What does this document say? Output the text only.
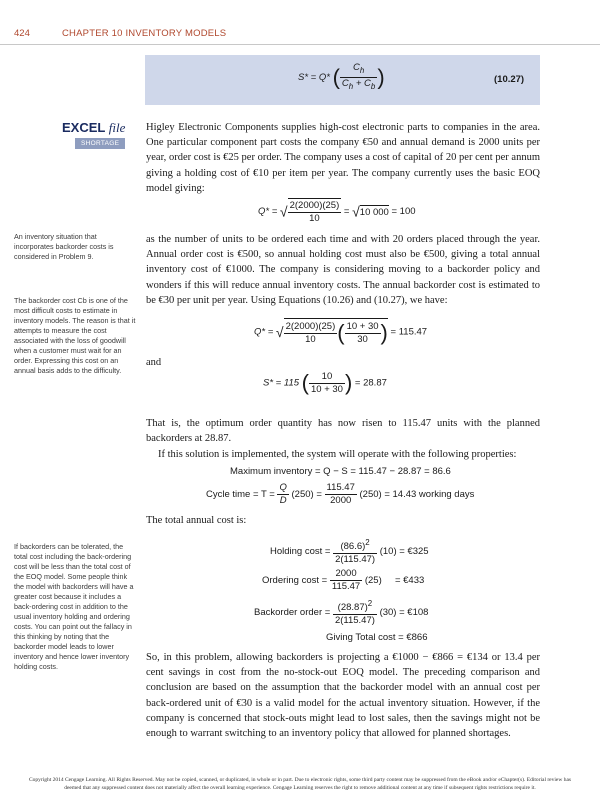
424	CHAPTER 10 INVENTORY MODELS
S* = Q* ( $\frac{C_h}{C_h + C_b}$ )	(10.27)
EXCEL file
SHORTAGE
An inventory situation that incorporates backorder costs is considered in Problem 9.
The backorder cost Cb is one of the most difficult costs to estimate in inventory models. The reason is that it attempts to measure the cost associated with the loss of goodwill when a customer must wait for an order. Expressing this cost on an annual basis adds to the difficulty.
If backorders can be tolerated, the total cost including the back-ordering cost will be less than the total cost of the EOQ model. Some people think the model with backorders will have a greater cost because it includes a back-ordering cost in addition to the usual inventory holding and ordering costs. You can point out the fallacy in this thinking by noting that the backorder model leads to lower inventory and hence lower inventory holding costs.
Higley Electronic Components supplies high-cost electronic parts to companies in the area. One particular component part costs the company €50 and annual demand is 2000 units per year, order cost is €25 per order. The company uses a cost of capital of 20 per cent per annum giving a holding cost of €10 per item per year. The company currently uses the basic EOQ model giving:
Q* = √ $\frac{2(2000)(25)}{10} = √10$ 000 = 100
as the number of units to be ordered each time and with 20 orders placed through the year. Annual order cost is €500, so annual holding cost must also be €500, giving a total annual inventory cost of €1000. The company is considering moving to a backorder policy and wonders if this will reduce annual inventory costs. The annual backorder cost is estimated to be €30 per unit per year. Using Equations (10.26) and (10.27), we have:
Q* = √ $\frac{2(2000)(25)}{10}$ ( $\frac{10 + 30}{30}$ ) = 115.47
and
S* = 115 ( $\frac{10}{10 + 30}$ ) = 28.87
That is, the optimum order quantity has now risen to 115.47 units with the planned backorders at 28.87.
If this solution is implemented, the system will operate with the following properties:
Maximum inventory = Q − S = 115.47 − 28.87 = 86.6
Cycle time = $T = \frac{Q}{D} (250) = \frac{115.47}{2000} (250) = 14.43$ working days
The total annual cost is:
Holding $\cos t = \frac{(86.6)^2}{2(115.47)} (10)$ = €325
Ordering $\cos t = \frac{2000}{115.47} (25)$     = €433
Backorder order = $\frac{(28.87)^2}{2(115.47)} (30)$ = €108
Giving Total cost = €866
So, in this problem, allowing backorders is projecting a €1000 − €866 = €134 or 13.4 per cent savings in cost from the no-stock-out EOQ model. The preceding comparison and conclusion are based on the assumption that the backorder model with an annual cost per back-ordered unit of €30 is a valid model for the actual inventory situation. However, if the company is concerned that stock-outs might lead to lost sales, then the savings might not be enough to warrant switching to an inventory policy that allowed for planned shortages.
Copyright 2014 Cengage Learning. All Rights Reserved. May not be copied, scanned, or duplicated, in whole or in part. Due to electronic rights, some third party content may be suppressed from the eBook and/or eChapter(s). Editorial review has
deemed that any suppressed content does not materially affect the overall learning experience. Cengage Learning reserves the right to remove additional content at any time if subsequent rights restrictions require it.
